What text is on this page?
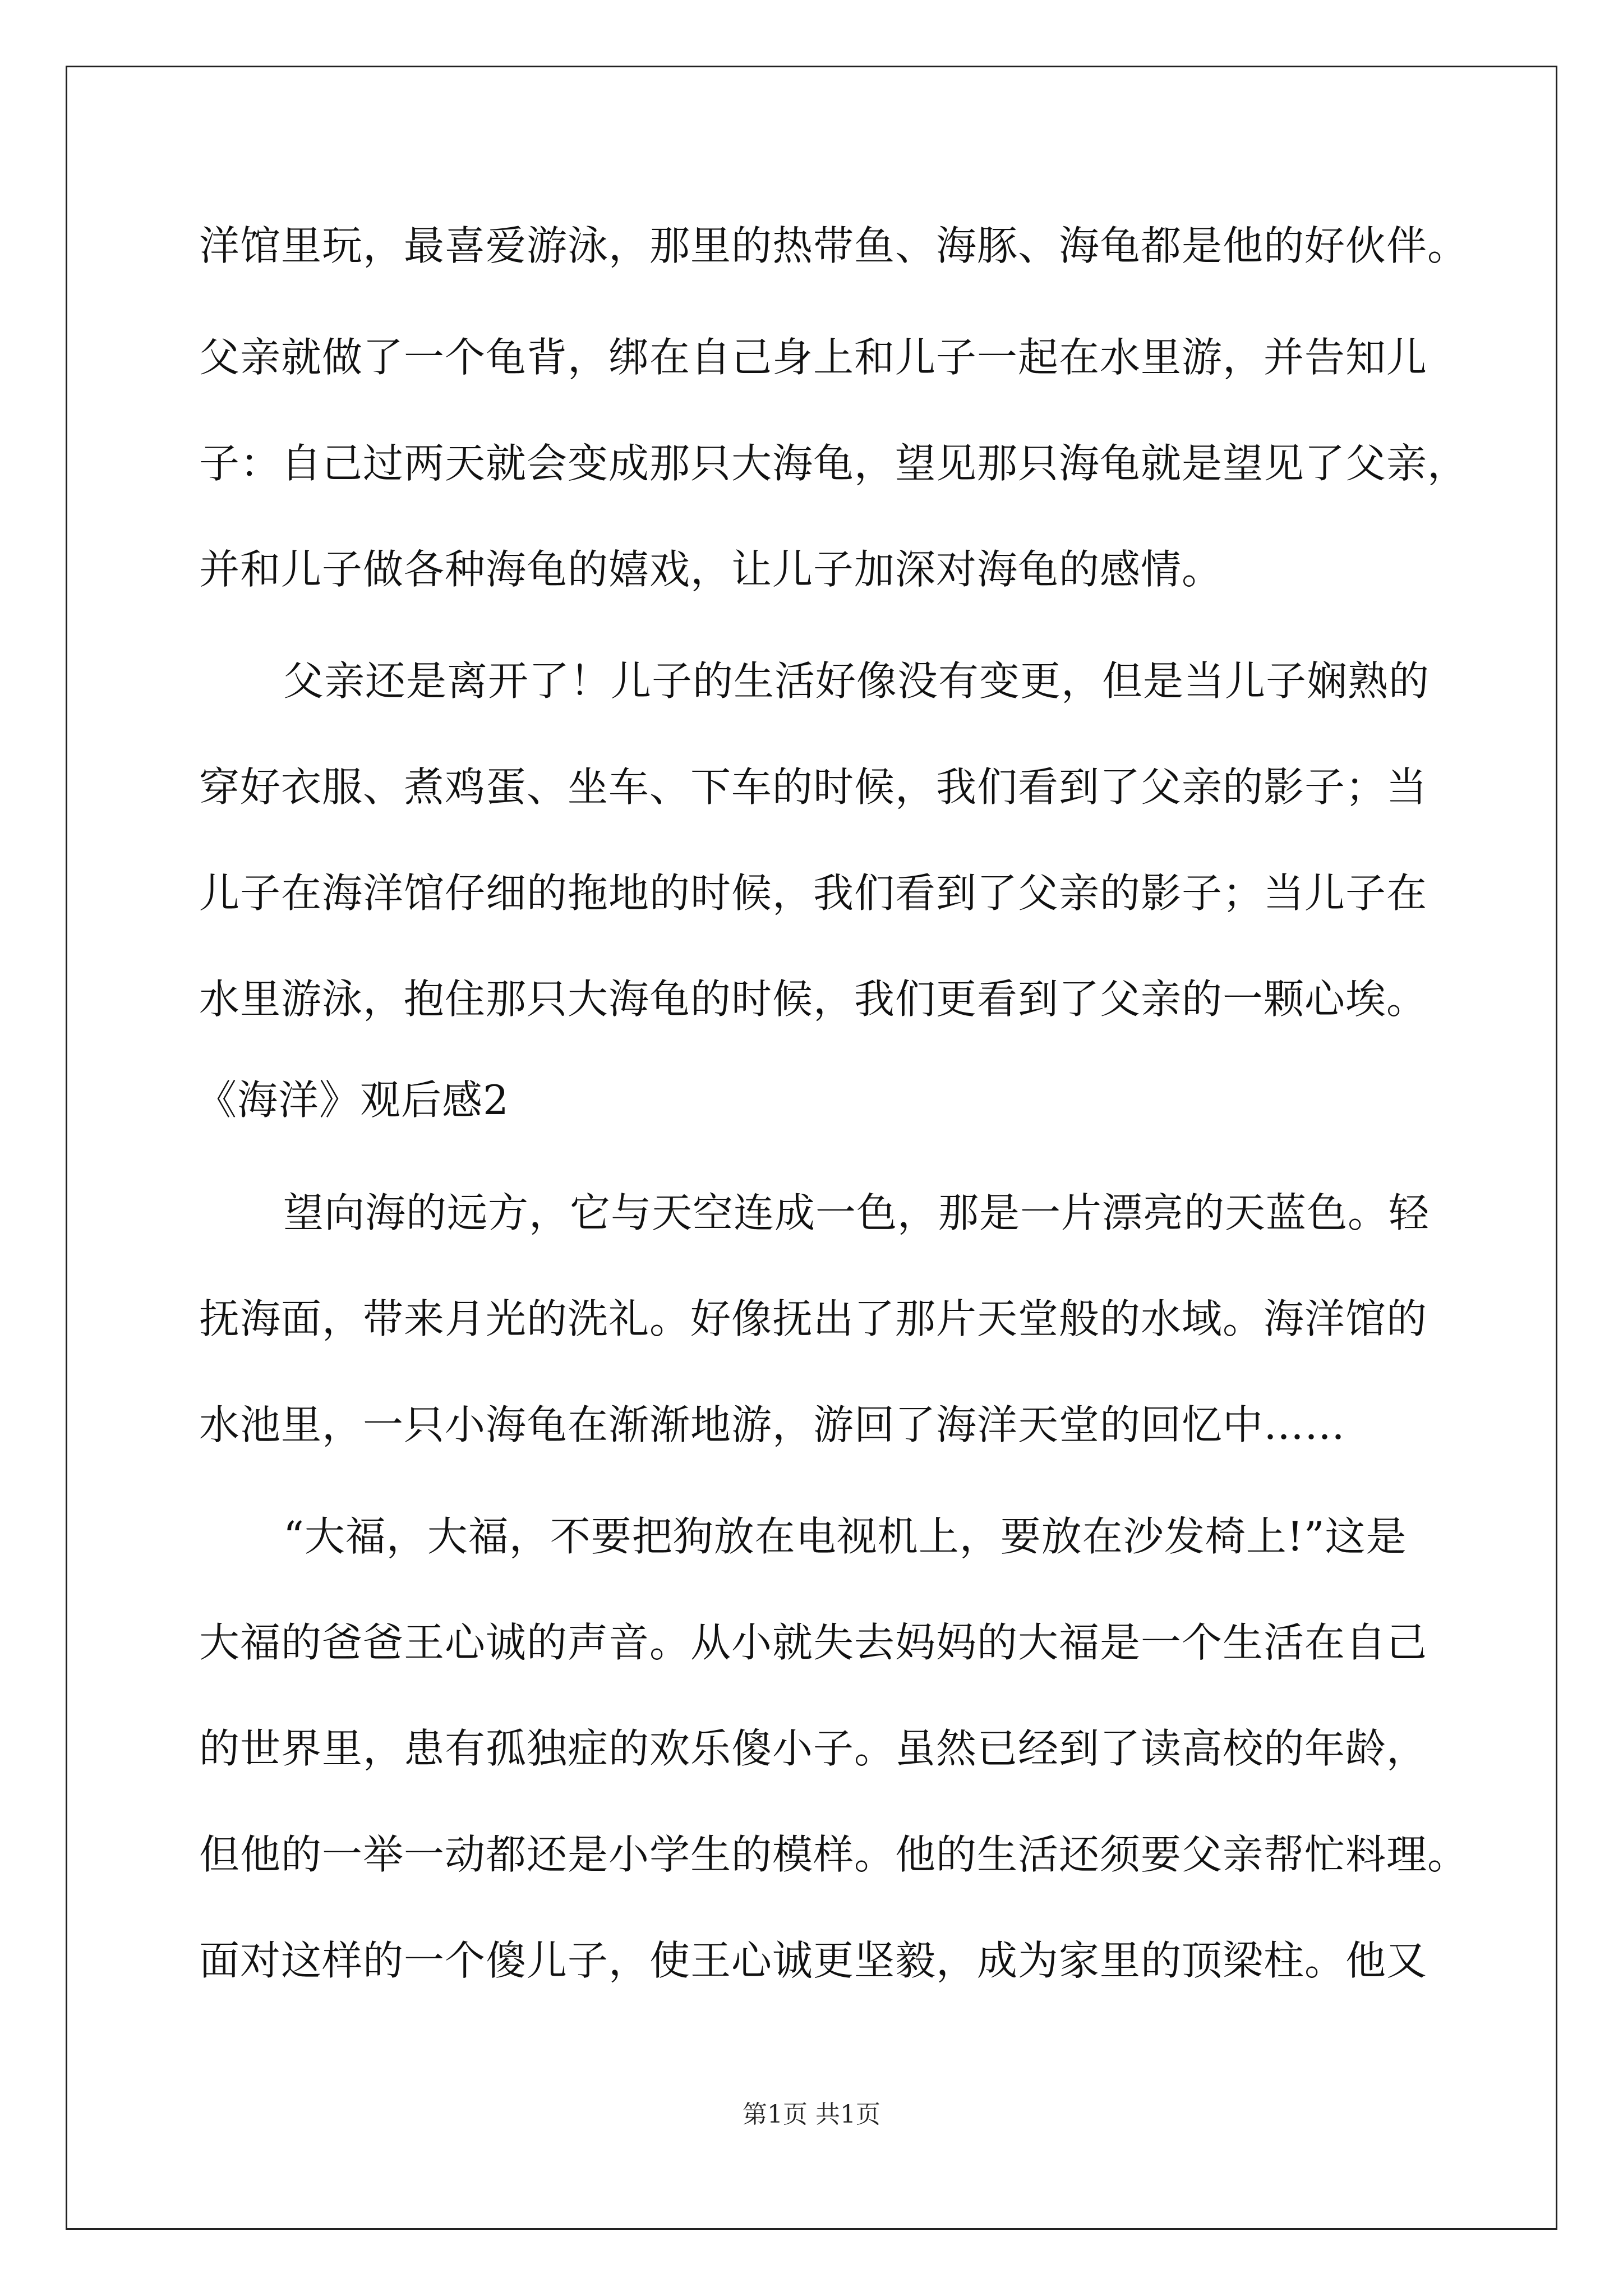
洋馆里玩，最喜爱游泳，那里的热带鱼、海豚、海龟都是他的好伙伴。
父亲就做了一个龟背，绑在自己身上和儿子一起在水里游，并告知儿
子：自己过两天就会变成那只大海龟，望见那只海龟就是望见了父亲，
并和儿子做各种海龟的嬉戏，让儿子加深对海龟的感情。
父亲还是离开了！儿子的生活好像没有变更，但是当儿子娴熟的
穿好衣服、煮鸡蛋、坐车、下车的时候，我们看到了父亲的影子；当
儿子在海洋馆仔细的拖地的时候，我们看到了父亲的影子；当儿子在
水里游泳，抱住那只大海龟的时候，我们更看到了父亲的一颗心埃。
《海洋》观后感2
望向海的远方，它与天空连成一色，那是一片漂亮的天蓝色。轻
抚海面，带来月光的洗礼。好像抚出了那片天堂般的水域。海洋馆的
水池里，一只小海龟在渐渐地游，游回了海洋天堂的回忆中……
“大福，大福，不要把狗放在电视机上，要放在沙发椅上!”这是
大福的爸爸王心诚的声音。从小就失去妈妈的大福是一个生活在自己
的世界里，患有孤独症的欢乐傻小子。虽然已经到了读高校的年龄，
但他的一举一动都还是小学生的模样。他的生活还须要父亲帮忙料理。
面对这样的一个傻儿子，使王心诚更坚毅，成为家里的顶梁柱。他又
第1页 共1页
